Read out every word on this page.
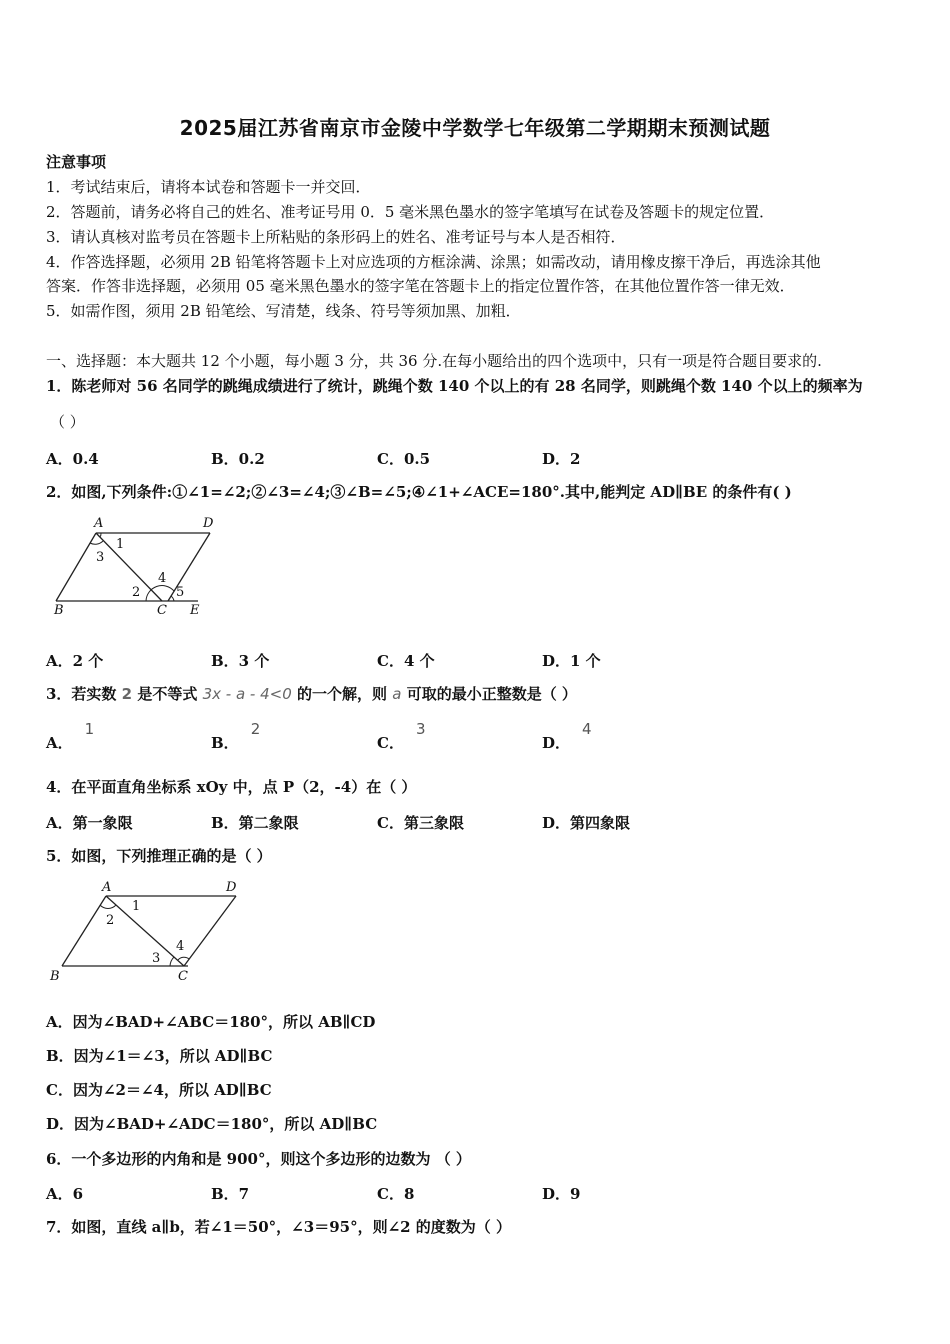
2025届江苏省南京市金陵中学数学七年级第二学期期末预测试题
注意事项
1．考试结束后，请将本试卷和答题卡一并交回．
2．答题前，请务必将自己的姓名、准考证号用 0．5 毫米黑色墨水的签字笔填写在试卷及答题卡的规定位置．
3．请认真核对监考员在答题卡上所粘贴的条形码上的姓名、准考证号与本人是否相符．
4．作答选择题，必须用 2B 铅笔将答题卡上对应选项的方框涂满、涂黑；如需改动，请用橡皮擦干净后，再选涂其他
答案．作答非选择题，必须用 05 毫米黑色墨水的签字笔在答题卡上的指定位置作答，在其他位置作答一律无效．
5．如需作图，须用 2B 铅笔绘、写清楚，线条、符号等须加黑、加粗．
一、选择题：本大题共 12 个小题，每小题 3 分，共 36 分.在每小题给出的四个选项中，只有一项是符合题目要求的.
1．陈老师对 56 名同学的跳绳成绩进行了统计，跳绳个数 140 个以上的有 28 名同学，则跳绳个数 140 个以上的频率为
（ ）
A．0.4	B．0.2	C．0.5	D．2
2．如图,下列条件:①∠1=∠2;②∠3=∠4;③∠B=∠5;④∠1+∠ACE=180°.其中,能判定 AD∥BE 的条件有( )
A	D
B	C E
1
3
2
4
5
A．2 个	B．3 个	C．4 个	D．1 个
3．若实数 2 是不等式 3x - a - 4<0 的一个解，则 a 可取的最小正整数是（ ）
A．1
B．2
C．3
D．4
4．在平面直角坐标系 xOy 中，点 P（2，-4）在（ ）
A．第一象限	B．第二象限	C．第三象限	D．第四象限
5．如图，下列推理正确的是（ ）
A	D
B	C
1
2
3
4
A．因为∠BAD+∠ABC＝180°，所以 AB∥CD
B．因为∠1＝∠3，所以 AD∥BC
C．因为∠2＝∠4，所以 AD∥BC
D．因为∠BAD+∠ADC＝180°，所以 AD∥BC
6．一个多边形的内角和是 900°，则这个多边形的边数为 （ ）
A．6	B．7	C．8	D．9
7．如图，直线 a∥b，若∠1＝50°，∠3＝95°，则∠2 的度数为（ ）
